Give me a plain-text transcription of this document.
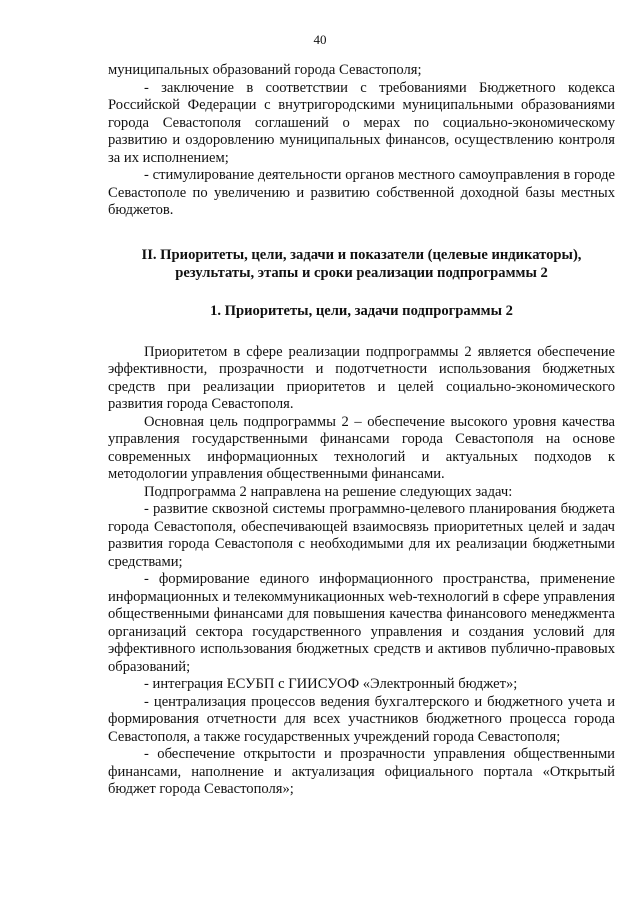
40

муниципальных образований города Севастополя;

- заключение в соответствии с требованиями Бюджетного кодекса Российской Федерации с внутригородскими муниципальными образованиями города Севастополя соглашений о мерах по социально-экономическому развитию и оздоровлению муниципальных финансов, осуществлению контроля за их исполнением;

- стимулирование деятельности органов местного самоуправления в городе Севастополе по увеличению и развитию собственной доходной базы местных бюджетов.

II. Приоритеты, цели, задачи и показатели (целевые индикаторы), результаты, этапы и сроки реализации подпрограммы 2
1. Приоритеты, цели, задачи подпрограммы 2

Приоритетом в сфере реализации подпрограммы 2 является обеспечение эффективности, прозрачности и подотчетности использования бюджетных средств при реализации приоритетов и целей социально-экономического развития города Севастополя.

Основная цель подпрограммы 2 – обеспечение высокого уровня качества управления государственными финансами города Севастополя на основе современных информационных технологий и актуальных подходов к методологии управления общественными финансами.

Подпрограмма 2 направлена на решение следующих задач:

- развитие сквозной системы программно-целевого планирования бюджета города Севастополя, обеспечивающей взаимосвязь приоритетных целей и задач развития города Севастополя с необходимыми для их реализации бюджетными средствами;

- формирование единого информационного пространства, применение информационных и телекоммуникационных web-технологий в сфере управления общественными финансами для повышения качества финансового менеджмента организаций сектора государственного управления и создания условий для эффективного использования бюджетных средств и активов публично-правовых образований;

- интеграция ЕСУБП с ГИИСУОФ «Электронный бюджет»;

- централизация процессов ведения бухгалтерского и бюджетного учета и формирования отчетности для всех участников бюджетного процесса города Севастополя, а также государственных учреждений города Севастополя;

- обеспечение открытости и прозрачности управления общественными финансами, наполнение и актуализация официального портала «Открытый бюджет города Севастополя»;
